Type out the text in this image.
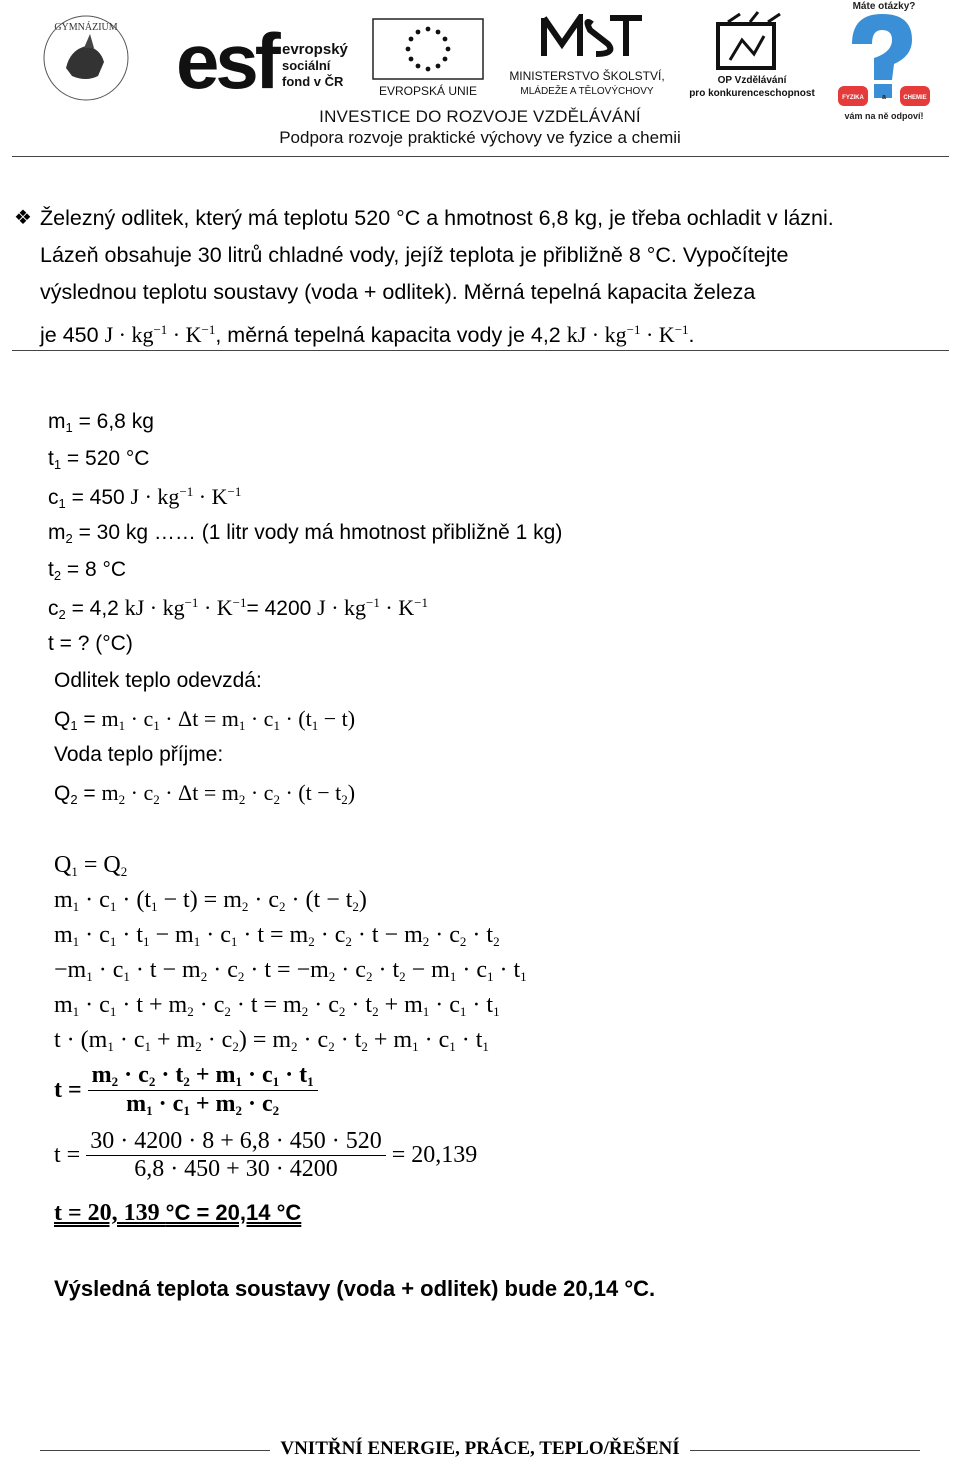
GYMNÁZIUM esf evropský
sociální
fond v ČR
EVROPSKÁ UNIE
MINISTERSTVO ŠKOLSTVÍ,
MLÁDEŽE A TĚLOVÝCHOVY
OP Vzdělávání
pro konkurenceschopnost
Máte otázky?
FYZIKA	a	CHEMIE
vám na ně odpoví!
INVESTICE DO ROZVOJE VZDĚLÁVÁNÍ
Podpora rozvoje praktické výchovy ve fyzice a chemii
❖ Železný odlitek, který má teplotu 520 °C a hmotnost 6,8 kg, je třeba ochladit v lázni.
Lázeň obsahuje 30 litrů chladné vody, jejíž teplota je přibližně 8 °C. Vypočítejte
výslednou teplotu soustavy (voda + odlitek). Měrná tepelná kapacita železa
je 450 $J \cdot kg^{-1} \cdot K^{-1}$, měrná tepelná kapacita vody je 4,2 kJ · $kg^{-1} \cdot K^{-1}$.
$m_1 = 6,8$ kg
$t_1 = 520$ °C
$c_1 = 450$ $J \cdot kg^{-1} \cdot K^{-1}$
$m_2 = 30$ kg …… (1 litr vody má hmotnost přibližně 1 kg)
$t_2 = 8$ °C
$c_2 = 4,2$ kJ · $kg^{-1} \cdot K^{-1}= 4200$ $J \cdot kg^{-1} \cdot K^{-1}$
t = ? (°C)
Odlitek teplo odevzdá:
$Q_1 = m_1 \cdot c_1 \cdot \Delta t = m_1 \cdot c_1 \cdot (t_1 - t)$
Voda teplo příjme:
$Q_2 = m_2 \cdot c_2 \cdot \Delta t = m_2 \cdot c_2 \cdot (t - t_2)$
$Q_1 = Q_2$
$m_1 \cdot c_1 \cdot (t_1 - t) = m_2 \cdot c_2 \cdot (t - t_2)$
$m_1 \cdot c_1 \cdot t_1 - m_1 \cdot c_1 \cdot t = m_2 \cdot c_2 \cdot t - m_2 \cdot c_2 \cdot t_2$
$-m_1 \cdot c_1 \cdot t - m_2 \cdot c_2 \cdot t = -m_2 \cdot c_2 \cdot t_2 - m_1 \cdot c_1 \cdot t_1$
$m_1 \cdot c_1 \cdot t + m_2 \cdot c_2 \cdot t = m_2 \cdot c_2 \cdot t_2 + m_1 \cdot c_1 \cdot t_1$
$t \cdot (m_1 \cdot c_1 + m_2 \cdot c_2) = m_2 \cdot c_2 \cdot t_2 + m_1 \cdot c_1 \cdot t_1$
$t = \frac{m_2 \cdot c_2 \cdot t_2 + m_1 \cdot c_1 \cdot t_1}{m_1 \cdot c_1 + m_2 \cdot c_2}$
$t = \frac{30 \cdot 4200 \cdot 8 + 6,8 \cdot 450 \cdot 520}{6,8 \cdot 450 + 30 \cdot 4200} = 20,139$
t = 20, 139 °C = 20,14 °C
Výsledná teplota soustavy (voda + odlitek) bude 20,14 °C.
VNITŘNÍ ENERGIE, PRÁCE, TEPLO/ŘEŠENÍ
